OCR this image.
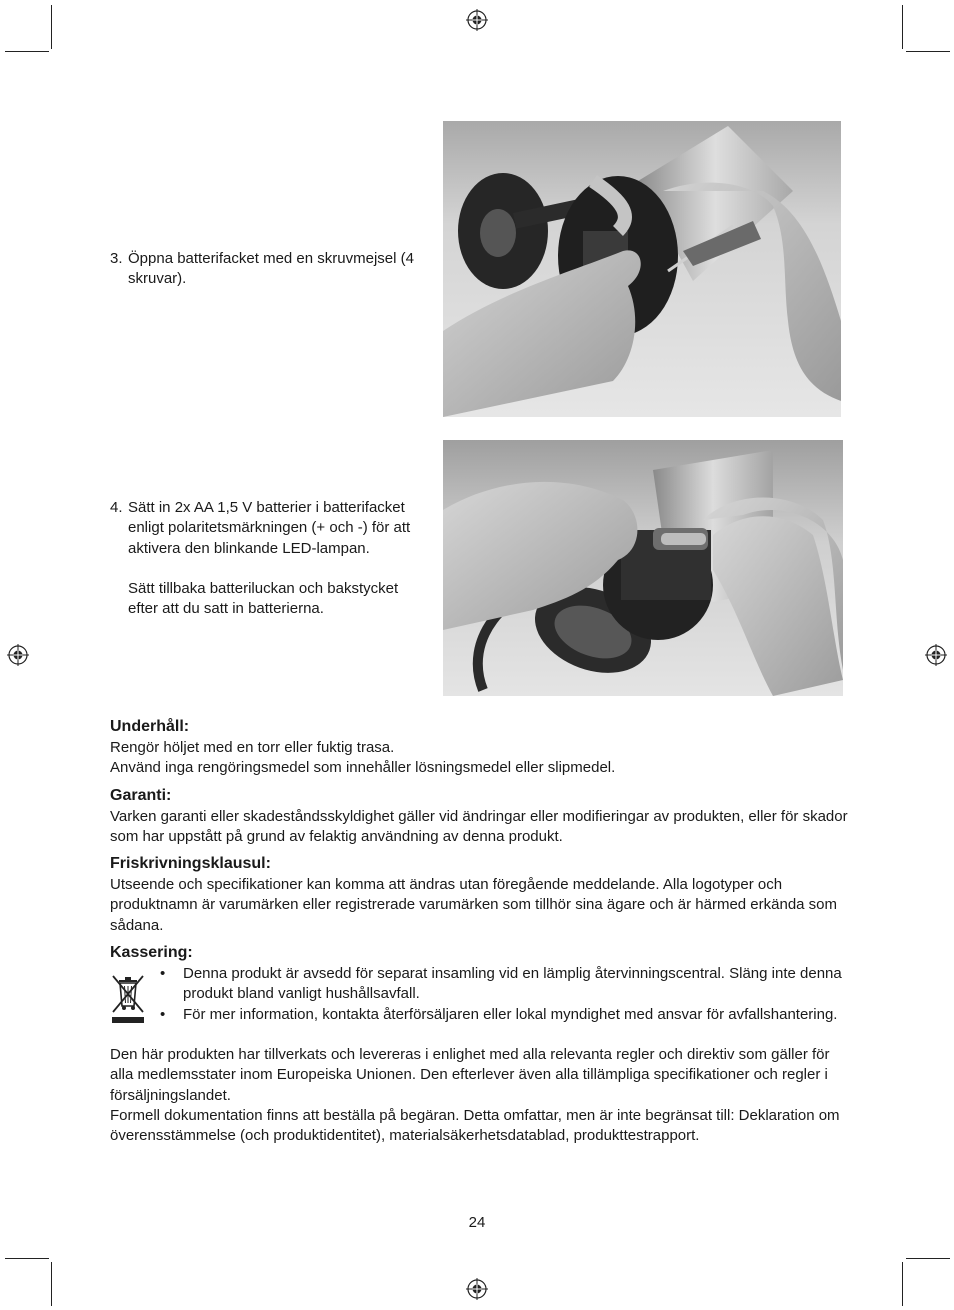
3. Öppna batterifacket med en skruvmejsel (4 skruvar).

4. Sätt in 2x AA 1,5 V batterier i batterifacket enligt polaritetsmärkningen (+ och -) för att aktivera den blinkande LED-lampan.

Sätt tillbaka batteriluckan och bakstycket efter att du satt in batterierna.

Underhåll:

Rengör höljet med en torr eller fuktig trasa.

Använd inga rengöringsmedel som innehåller lösningsmedel eller slipmedel.

Garanti:

Varken garanti eller skadeståndsskyldighet gäller vid ändringar eller modifieringar av produkten, eller för skador som har uppstått på grund av felaktig användning av denna produkt.

Friskrivningsklausul:

Utseende och specifikationer kan komma att ändras utan föregående meddelande. Alla logotyper och produktnamn är varumärken eller registrerade varumärken som tillhör sina ägare och är härmed erkända som sådana.

Kassering:
• Denna produkt är avsedd för separat insamling vid en lämplig återvinningscentral. Släng inte denna produkt bland vanligt hushållsavfall.
• För mer information, kontakta återförsäljaren eller lokal myndighet med ansvar för avfallshantering.

Den här produkten har tillverkats och levereras i enlighet med alla relevanta regler och direktiv som gäller för alla medlemsstater inom Europeiska Unionen. Den efterlever även alla tillämpliga specifikationer och regler i försäljningslandet.

Formell dokumentation finns att beställa på begäran. Detta omfattar, men är inte begränsat till: Deklaration om överensstämmelse (och produktidentitet), materialsäkerhetsdatablad, produkttestrapport.

24
